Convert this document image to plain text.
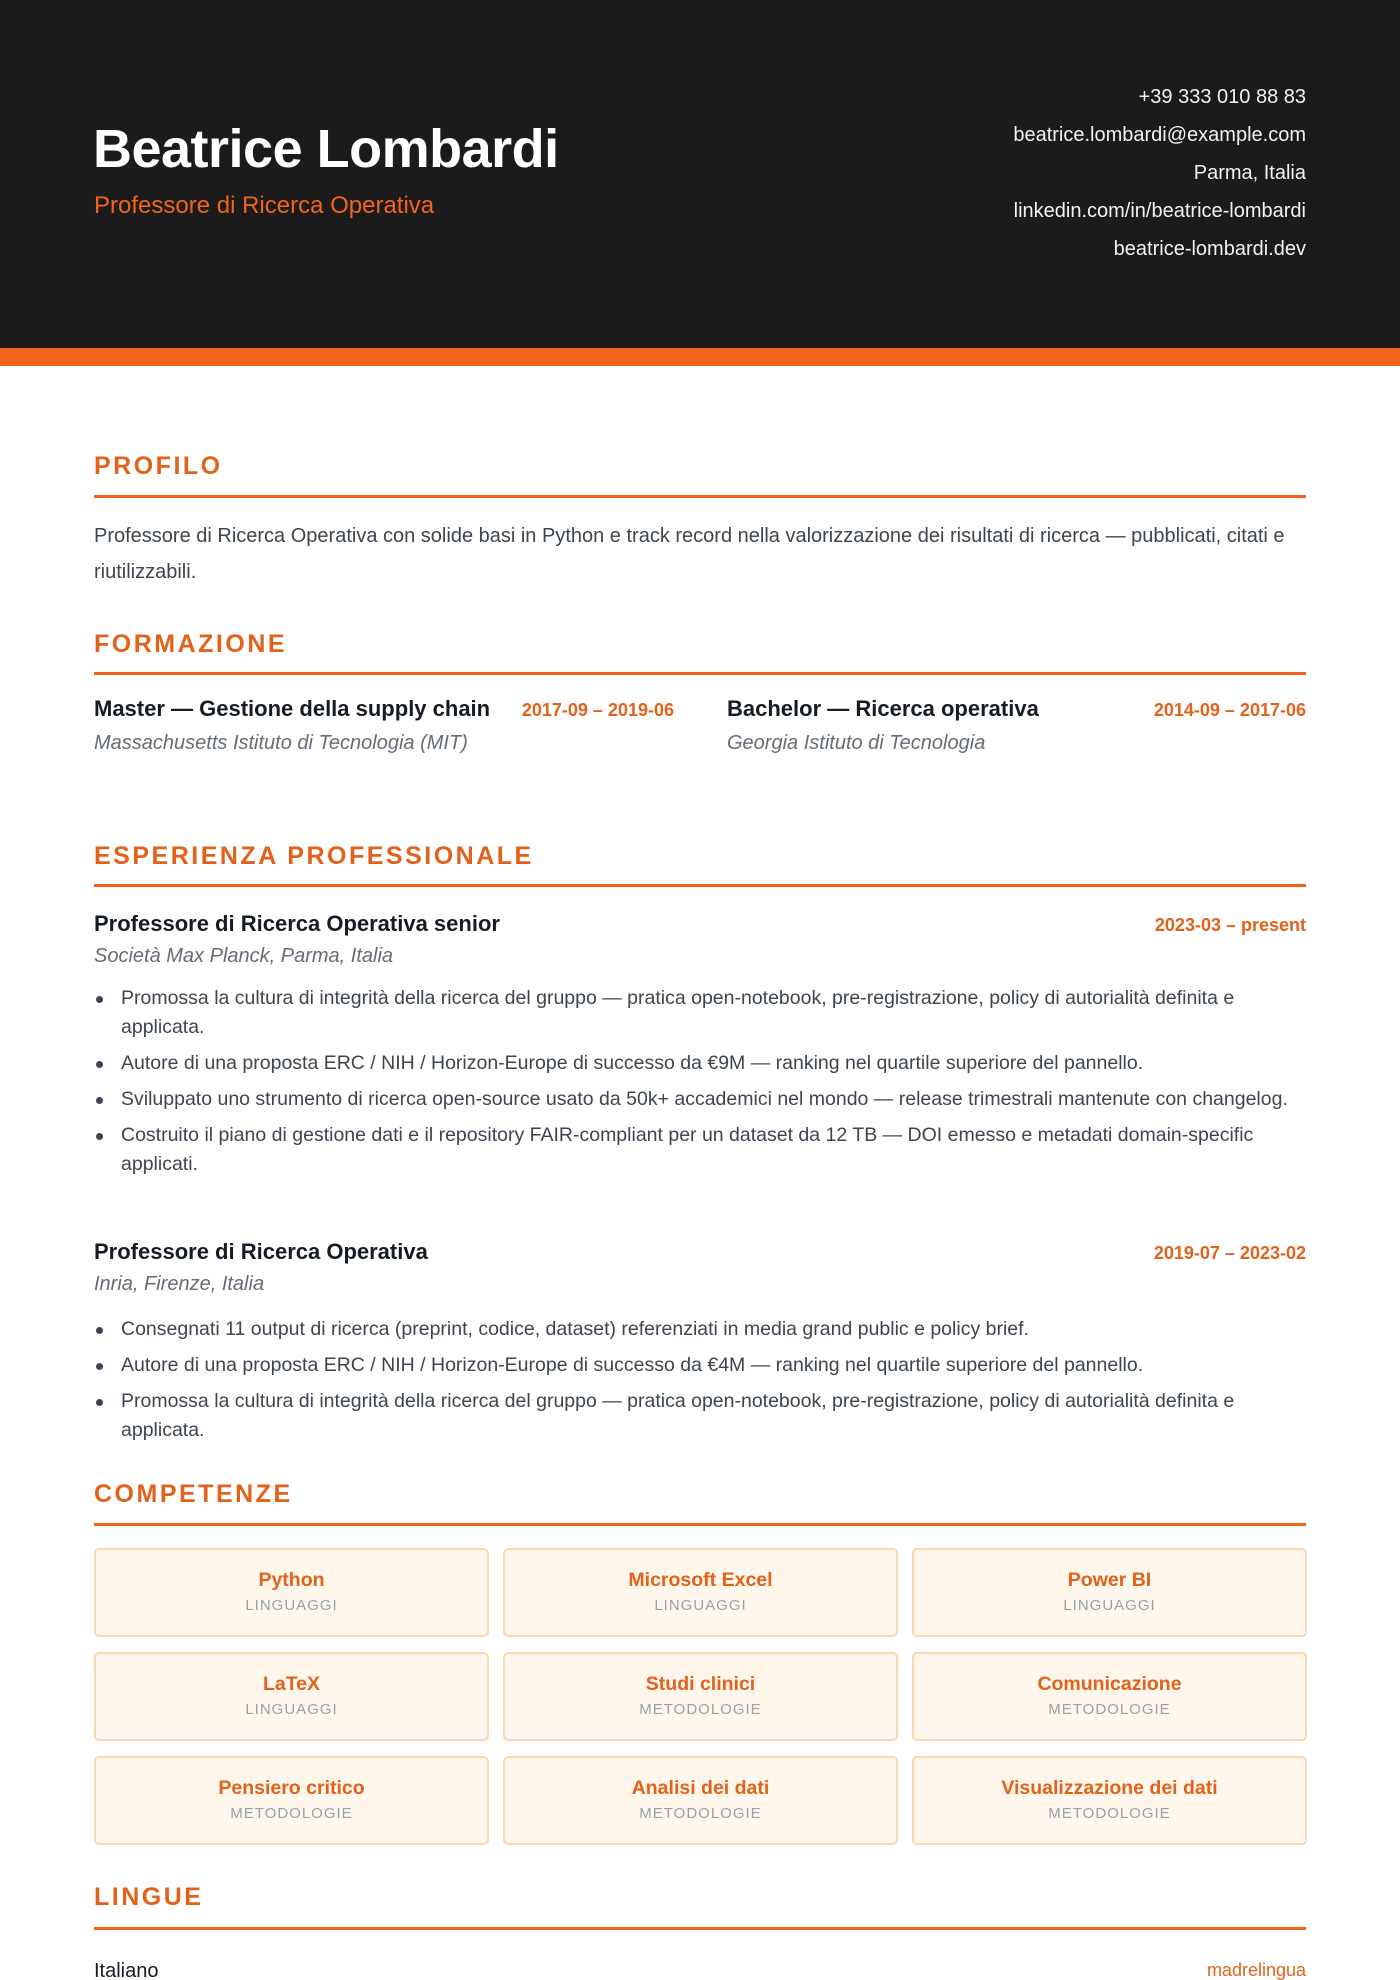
Beatrice Lombardi
Professore di Ricerca Operativa
+39 333 010 88 83
beatrice.lombardi@example.com
Parma, Italia
linkedin.com/in/beatrice-lombardi
beatrice-lombardi.dev
PROFILO
Professore di Ricerca Operativa con solide basi in Python e track record nella valorizzazione dei risultati di ricerca — pubblicati, citati e riutilizzabili.
FORMAZIONE
Master — Gestione della supply chain 2017-09 – 2019-06
Massachusetts Istituto di Tecnologia (MIT)
Bachelor — Ricerca operativa	2014-09 – 2017-06
Georgia Istituto di Tecnologia
ESPERIENZA PROFESSIONALE
Professore di Ricerca Operativa senior	2023-03 – present
Società Max Planck, Parma, Italia
Promossa la cultura di integrità della ricerca del gruppo — pratica open-notebook, pre-registrazione, policy di autorialità definita e applicata.
Autore di una proposta ERC / NIH / Horizon-Europe di successo da €9M — ranking nel quartile superiore del pannello.
Sviluppato uno strumento di ricerca open-source usato da 50k+ accademici nel mondo — release trimestrali mantenute con changelog.
Costruito il piano di gestione dati e il repository FAIR-compliant per un dataset da 12 TB — DOI emesso e metadati domain-specific applicati.
Professore di Ricerca Operativa	2019-07 – 2023-02
Inria, Firenze, Italia
Consegnati 11 output di ricerca (preprint, codice, dataset) referenziati in media grand public e policy brief.
Autore di una proposta ERC / NIH / Horizon-Europe di successo da €4M — ranking nel quartile superiore del pannello.
Promossa la cultura di integrità della ricerca del gruppo — pratica open-notebook, pre-registrazione, policy di autorialità definita e applicata.
COMPETENZE
Python
LINGUAGGI
Microsoft Excel
LINGUAGGI
Power BI
LINGUAGGI
LaTeX
LINGUAGGI
Studi clinici
METODOLOGIE
Comunicazione
METODOLOGIE
Pensiero critico
METODOLOGIE
Analisi dei dati
METODOLOGIE
Visualizzazione dei dati
METODOLOGIE
LINGUE
Italiano	madrelingua
